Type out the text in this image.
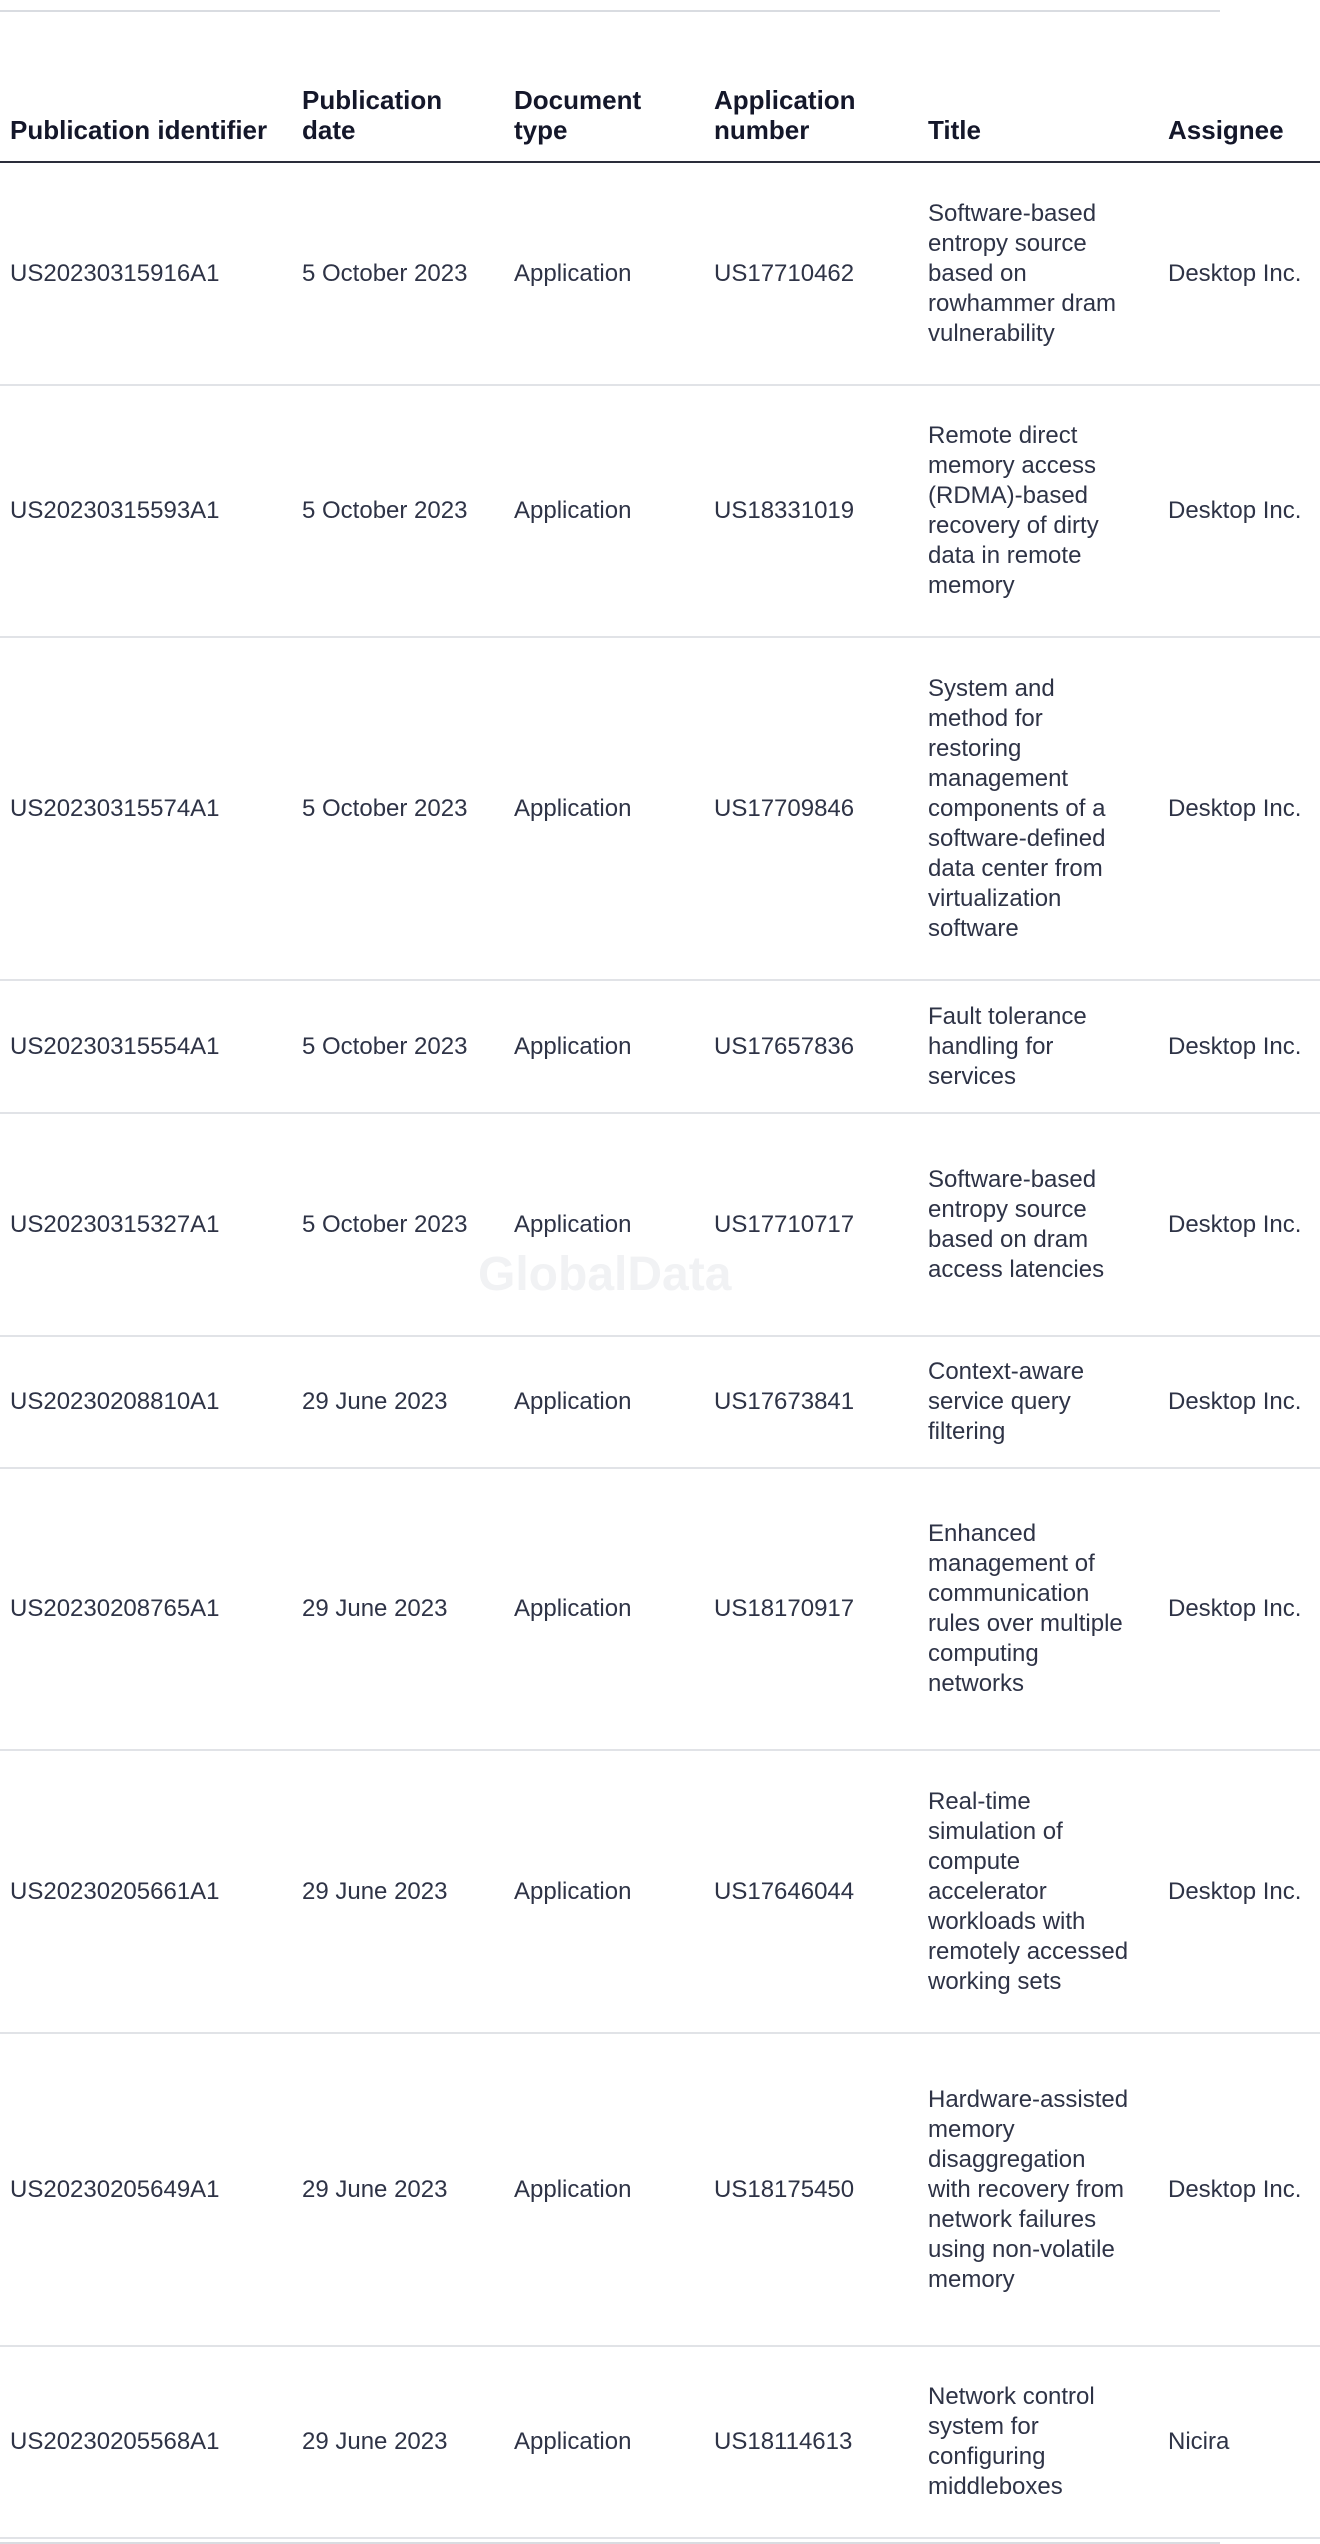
Publication identifier	Publication date	Document type	Application number	Title	Assignee
US20230315916A1	5 October 2023	Application	US17710462	Software-based entropy source based on rowhammer dram vulnerability	Desktop Inc.
US20230315593A1	5 October 2023	Application	US18331019	Remote direct memory access (RDMA)-based recovery of dirty data in remote memory	Desktop Inc.
US20230315574A1	5 October 2023	Application	US17709846	System and method for restoring management components of a software-defined data center from virtualization software	Desktop Inc.
US20230315554A1	5 October 2023	Application	US17657836	Fault tolerance handling for services	Desktop Inc.
US20230315327A1	5 October 2023	Application	US17710717	Software-based entropy source based on dram access latencies	Desktop Inc.
US20230208810A1	29 June 2023	Application	US17673841	Context-aware service query filtering	Desktop Inc.
US20230208765A1	29 June 2023	Application	US18170917	Enhanced management of communication rules over multiple computing networks	Desktop Inc.
US20230205661A1	29 June 2023	Application	US17646044	Real-time simulation of compute accelerator workloads with remotely accessed working sets	Desktop Inc.
US20230205649A1	29 June 2023	Application	US18175450	Hardware-assisted memory disaggregation with recovery from network failures using non-volatile memory	Desktop Inc.
US20230205568A1	29 June 2023	Application	US18114613	Network control system for configuring middleboxes	Nicira
GlobalData
